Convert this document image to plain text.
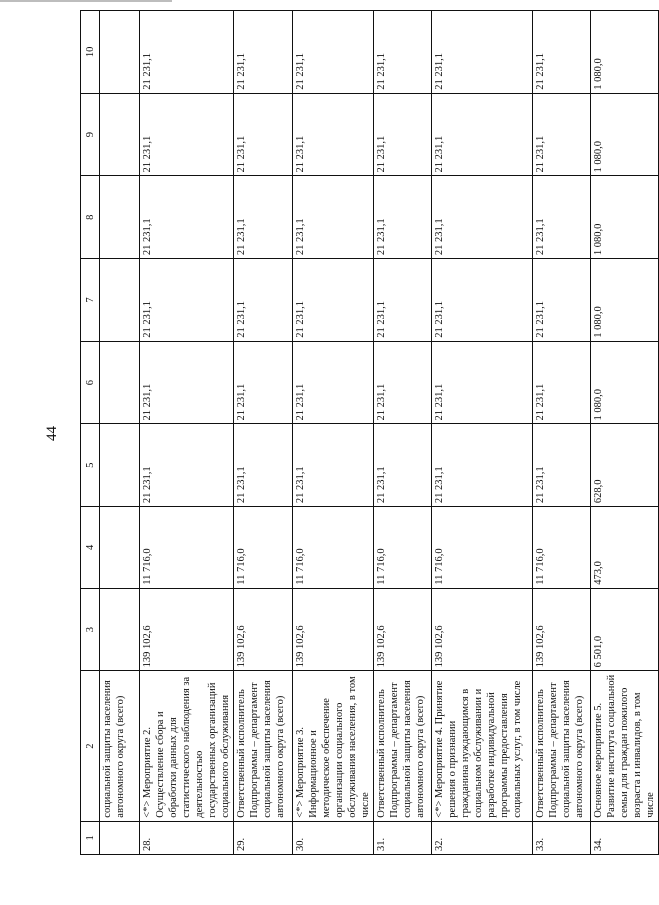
44
1	2	3	4	5	6	7	8	9	10
	социальной защиты населения автономного округа (всего)								
28.	<*> Мероприятие 2. Осуществление сбора и обработки данных для статистического наблюдения за деятельностью государственных организаций социального обслуживания	139 102,6	11 716,0	21 231,1	21 231,1	21 231,1	21 231,1	21 231,1	21 231,1
29.	Ответственный исполнитель Подпрограммы – департамент социальной защиты населения автономного округа (всего)	139 102,6	11 716,0	21 231,1	21 231,1	21 231,1	21 231,1	21 231,1	21 231,1
30.	<*> Мероприятие 3. Информационное и методическое обеспечение организации социального обслуживания населения, в том числе	139 102,6	11 716,0	21 231,1	21 231,1	21 231,1	21 231,1	21 231,1	21 231,1
31.	Ответственный исполнитель Подпрограммы – департамент социальной защиты населения автономного округа (всего)	139 102,6	11 716,0	21 231,1	21 231,1	21 231,1	21 231,1	21 231,1	21 231,1
32.	<*> Мероприятие 4. Принятие решения о признании гражданина нуждающимся в социальном обслуживании и разработке индивидуальной программы предоставления социальных услуг, в том числе	139 102,6	11 716,0	21 231,1	21 231,1	21 231,1	21 231,1	21 231,1	21 231,1
33.	Ответственный исполнитель Подпрограммы – департамент социальной защиты населения автономного округа (всего)	139 102,6	11 716,0	21 231,1	21 231,1	21 231,1	21 231,1	21 231,1	21 231,1
34.	Основное мероприятие 5. Развитие института социальной семьи для граждан пожилого возраста и инвалидов, в том числе	6 501,0	473,0	628,0	1 080,0	1 080,0	1 080,0	1 080,0	1 080,0
